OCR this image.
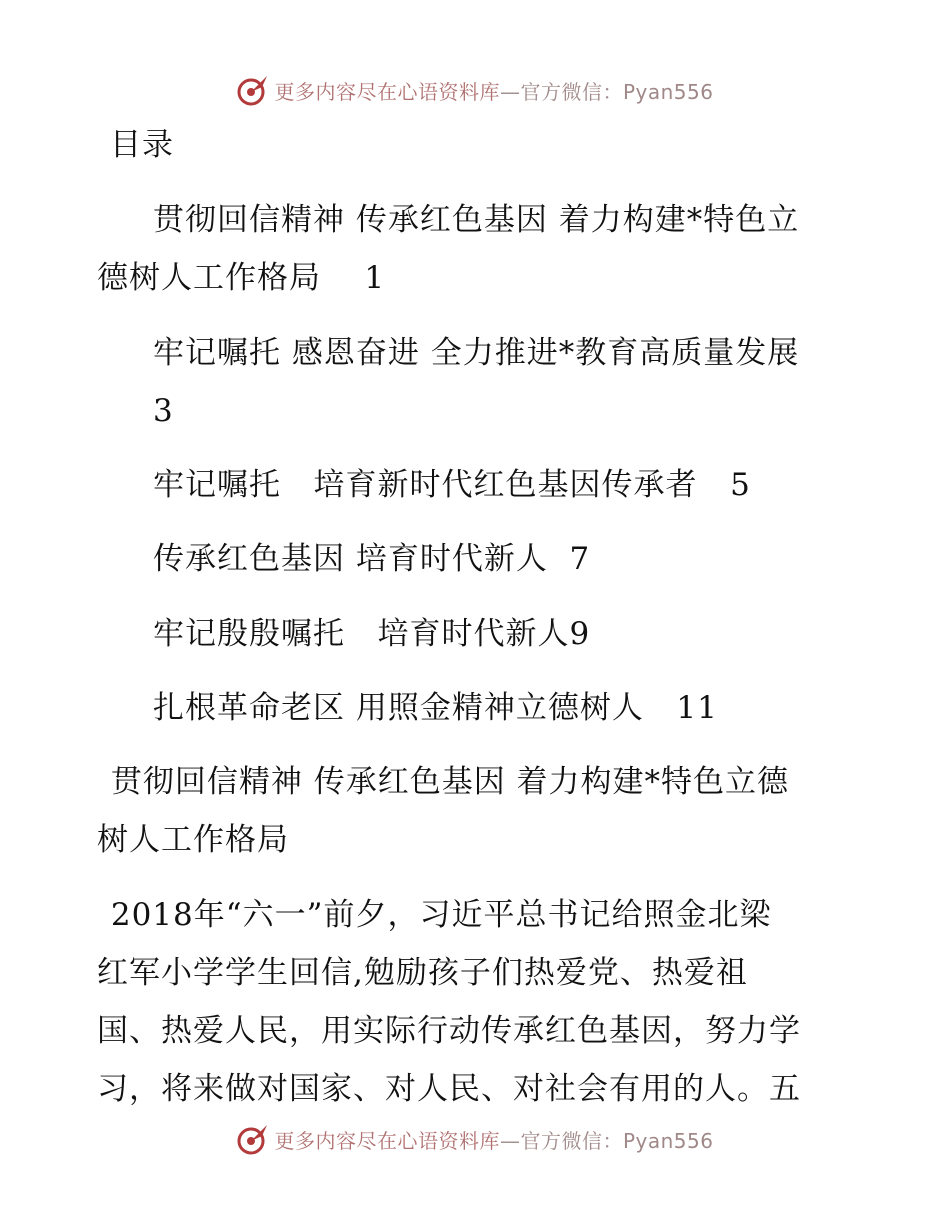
更多内容尽在心语资料库—官方微信：Pyan556
目录
贯彻回信精神 传承红色基因 着力构建*特色立
德树人工作格局    1
牢记嘱托 感恩奋进 全力推进*教育高质量发展
3
牢记嘱托   培育新时代红色基因传承者   5
传承红色基因 培育时代新人  7
牢记殷殷嘱托   培育时代新人9
扎根革命老区 用照金精神立德树人   11
贯彻回信精神 传承红色基因 着力构建*特色立德
树人工作格局
2018年“六一”前夕，习近平总书记给照金北梁
红军小学学生回信,勉励孩子们热爱党、热爱祖
国、热爱人民，用实际行动传承红色基因，努力学
习，将来做对国家、对人民、对社会有用的人。五
更多内容尽在心语资料库—官方微信：Pyan556
